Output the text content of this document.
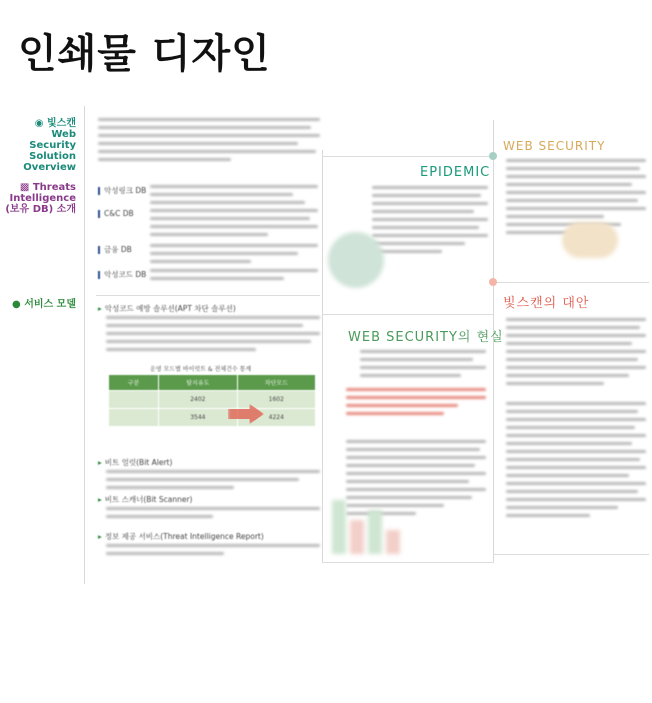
인쇄물 디자인
◉ 빛스캔
Web
Security
Solution
Overview
▩ Threats
Intelligence
(보유 DB) 소개
● 서비스 모델
악성링크 DB
C&C DB
금융 DB
악성코드 DB
▸ 악성코드 예방 솔루션(APT 차단 솔루션)
운영 모드별 바이럿트 & 전체건수 통계
구분	탐지유도	차단모드
	2402	1602
	3544	4224
▸ 비트 얼럿(Bit Alert)
▸ 비트 스캐너(Bit Scanner)
▸ 정보 제공 서비스(Threat Intelligence Report)
EPIDEMIC
WEB SECURITY
WEB SECURITY의 현실
빛스캔의 대안
